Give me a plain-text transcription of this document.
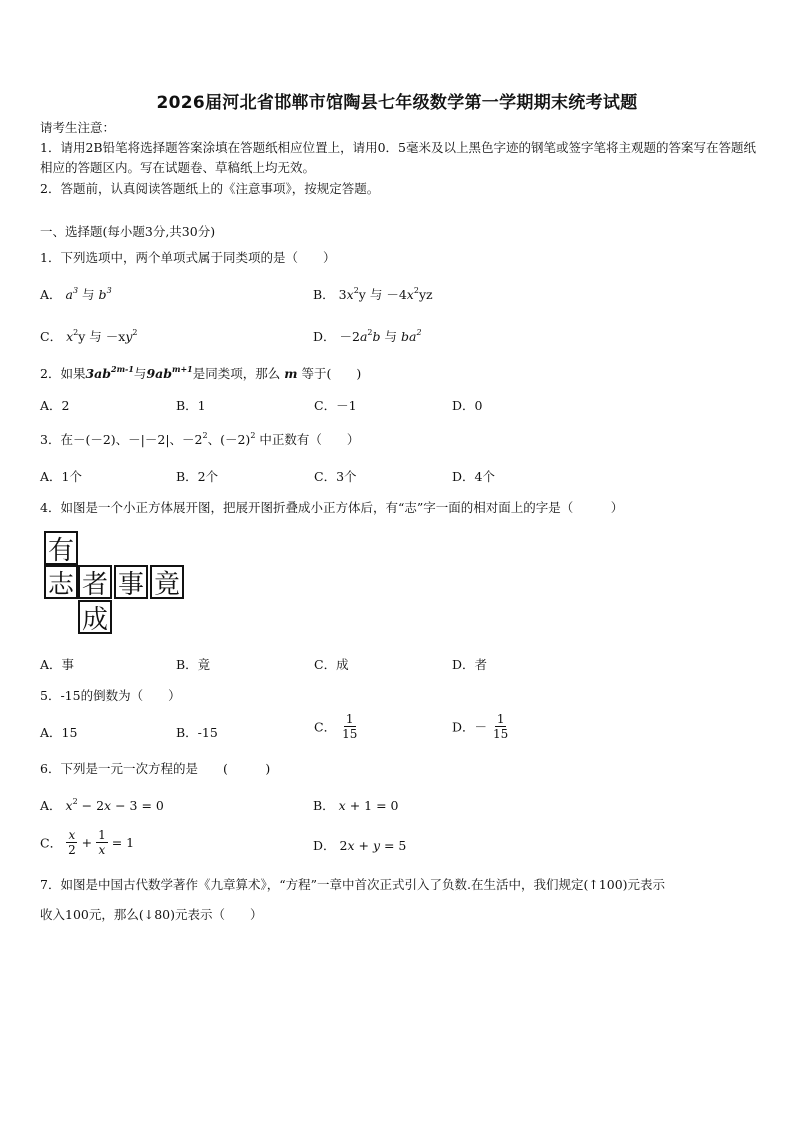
2026届河北省邯郸市馆陶县七年级数学第一学期期末统考试题
请考生注意：
1．请用2B铅笔将选择题答案涂填在答题纸相应位置上，请用0．5毫米及以上黑色字迹的钢笔或签字笔将主观题的答案写在答题纸相应的答题区内。写在试题卷、草稿纸上均无效。
2．答题前，认真阅读答题纸上的《注意事项》，按规定答题。
一、选择题(每小题3分,共30分)
1．下列选项中，两个单项式属于同类项的是（　　）
A． $a^3$ 与 $b^3$	B． $3x^2y$ 与 $-4x^2yz$
C． $x^2y$ 与 $-xy^2$	D． $-2a^2b$ 与 $ba^2$
2．如果$3ab^{2m-1}$与$9ab^{m+1}$是同类项，那么 m 等于(　　)
A．2	B．1	C．－1	D．0
3．在－(－2)、－|－2|、$-2^2$、$(-2)^2$ 中正数有（　　）
A．1个	B．2个	C．3个	D．4个
4．如图是一个小正方体展开图，把展开图折叠成小正方体后，有“志”字一面的相对面上的字是（　　　）
有
志 者 事 竟
成
A．事	B．竟	C．成	D．者
5．-15的倒数为（　　）
A．15	B．-15	C． $\frac{1}{15}$	D．－ $\frac{1}{15}$
6．下列是一元一次方程的是　　(　　　)
A． $x^2 - 2x - 3 = 0$	B． x + 1 = 0
C． $\frac{x}{2} + \frac{1}{x} = 1$	D． 2x + y = 5
7．如图是中国古代数学著作《九章算术》，“方程”一章中首次正式引入了负数.在生活中，我们规定(↑100)元表示
收入100元，那么(↓80)元表示（　　）
